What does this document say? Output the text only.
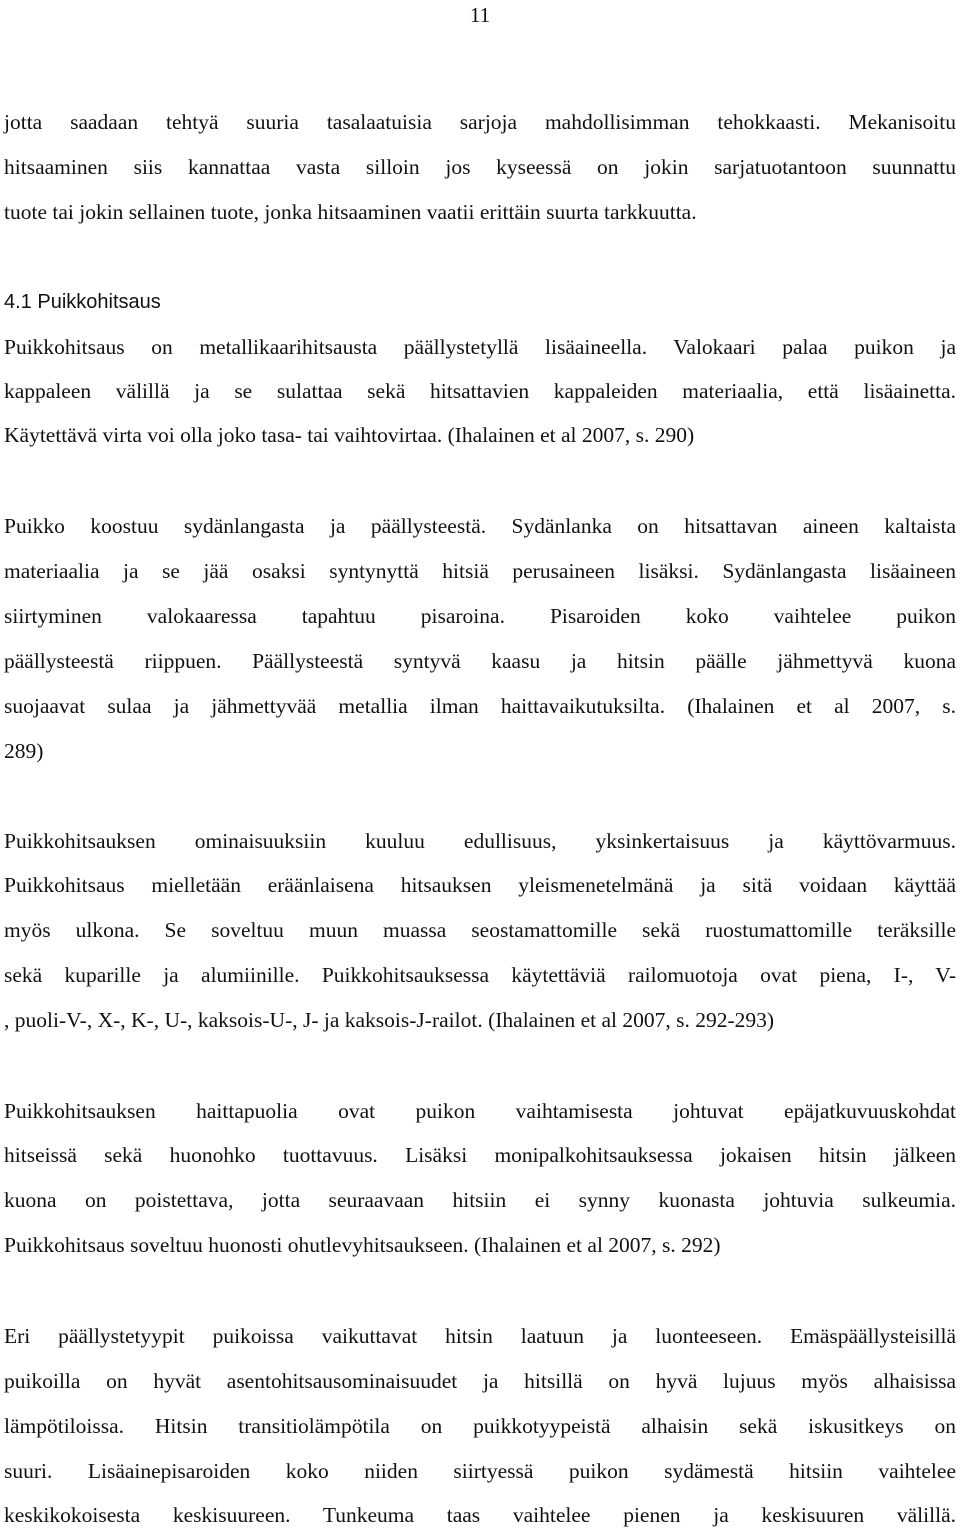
11
jotta saadaan tehtyä suuria tasalaatuisia sarjoja mahdollisimman tehokkaasti. Mekanisoitu
hitsaaminen siis kannattaa vasta silloin jos kyseessä on jokin sarjatuotantoon suunnattu
tuote tai jokin sellainen tuote, jonka hitsaaminen vaatii erittäin suurta tarkkuutta.
4.1 Puikkohitsaus
Puikkohitsaus on metallikaarihitsausta päällystetyllä lisäaineella. Valokaari palaa puikon ja
kappaleen välillä ja se sulattaa sekä hitsattavien kappaleiden materiaalia, että lisäainetta.
Käytettävä virta voi olla joko tasa- tai vaihtovirtaa. (Ihalainen et al 2007, s. 290)
Puikko koostuu sydänlangasta ja päällysteestä. Sydänlanka on hitsattavan aineen kaltaista
materiaalia ja se jää osaksi syntynyttä hitsiä perusaineen lisäksi. Sydänlangasta lisäaineen
siirtyminen valokaaressa tapahtuu pisaroina. Pisaroiden koko vaihtelee puikon
päällysteestä riippuen. Päällysteestä syntyvä kaasu ja hitsin päälle jähmettyvä kuona
suojaavat sulaa ja jähmettyvää metallia ilman haittavaikutuksilta. (Ihalainen et al 2007, s.
289)
Puikkohitsauksen ominaisuuksiin kuuluu edullisuus, yksinkertaisuus ja käyttövarmuus.
Puikkohitsaus mielletään eräänlaisena hitsauksen yleismenetelmänä ja sitä voidaan käyttää
myös ulkona. Se soveltuu muun muassa seostamattomille sekä ruostumattomille teräksille
sekä kuparille ja alumiinille. Puikkohitsauksessa käytettäviä railomuotoja ovat piena, I-, V-
, puoli-V-, X-, K-, U-, kaksois-U-, J- ja kaksois-J-railot. (Ihalainen et al 2007, s. 292-293)
Puikkohitsauksen haittapuolia ovat puikon vaihtamisesta johtuvat epäjatkuvuuskohdat
hitseissä sekä huonohko tuottavuus. Lisäksi monipalkohitsauksessa jokaisen hitsin jälkeen
kuona on poistettava, jotta seuraavaan hitsiin ei synny kuonasta johtuvia sulkeumia.
Puikkohitsaus soveltuu huonosti ohutlevyhitsaukseen. (Ihalainen et al 2007, s. 292)
Eri päällystetyypit puikoissa vaikuttavat hitsin laatuun ja luonteeseen. Emäspäällysteisillä
puikoilla on hyvät asentohitsausominaisuudet ja hitsillä on hyvä lujuus myös alhaisissa
lämpötiloissa. Hitsin transitiolämpötila on puikkotyypeistä alhaisin sekä iskusitkeys on
suuri. Lisäainepisaroiden koko niiden siirtyessä puikon sydämestä hitsiin vaihtelee
keskikokoisesta keskisuureen. Tunkeuma taas vaihtelee pienen ja keskisuuren välillä.
